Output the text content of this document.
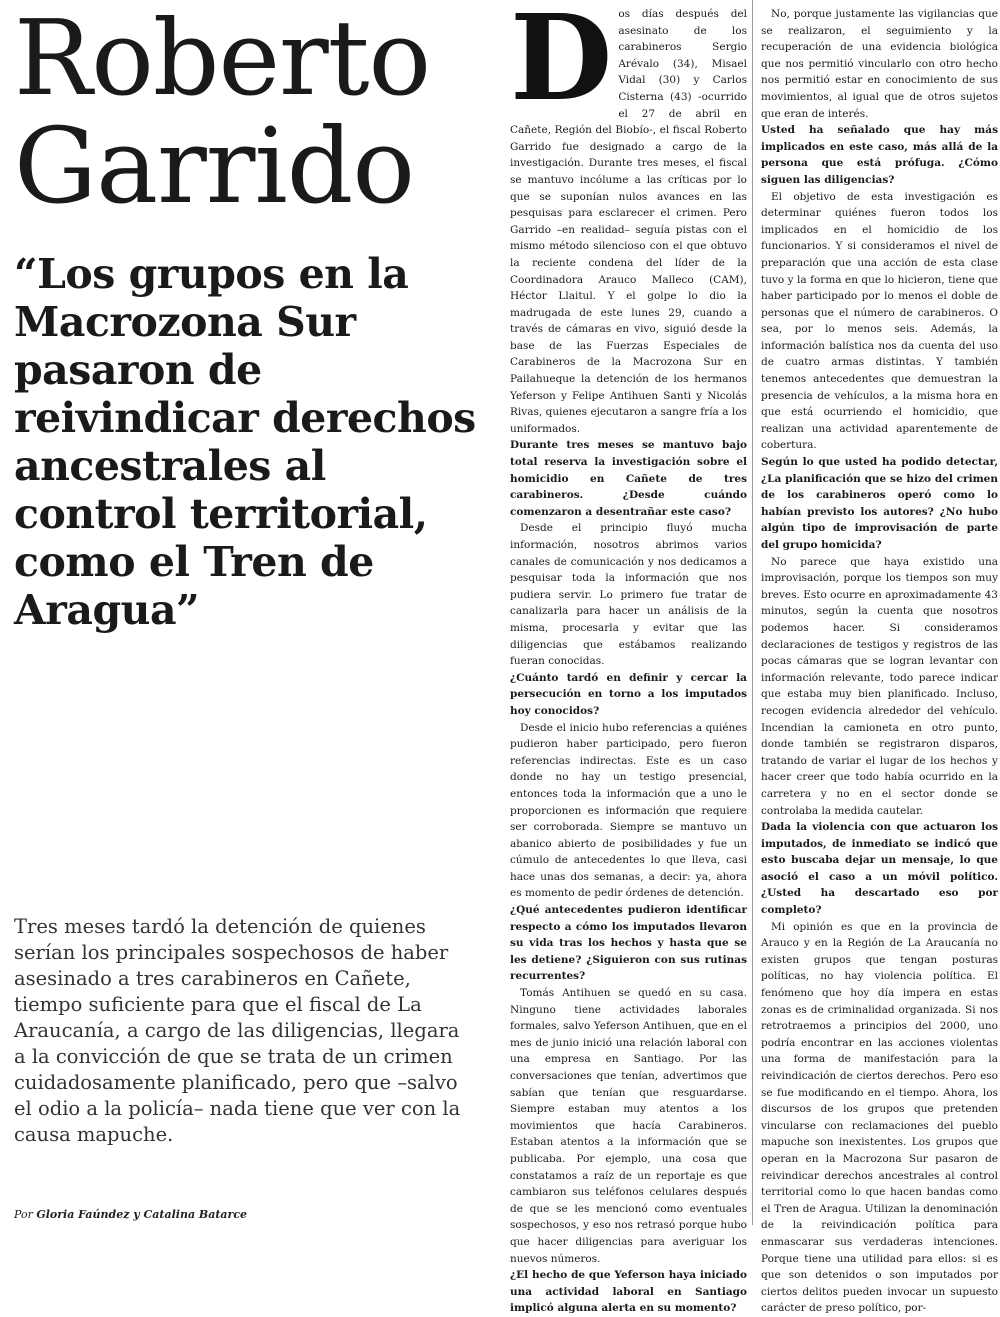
Roberto
Garrido
“Los grupos en la Macrozona Sur pasaron de reivindicar derechos ancestrales al control territorial, como el Tren de Aragua”

Tres meses tardó la detención de quienes serían los principales sospechosos de haber asesinado a tres carabineros en Cañete, tiempo suficiente para que el fiscal de La Araucanía, a cargo de las diligencias, llegara a la convicción de que se trata de un crimen cuidadosamente planificado, pero que –salvo el odio a la policía– nada tiene que ver con la causa mapuche.

Por Gloria Faúndez y Catalina Batarce
D os días después del asesinato de los carabineros Sergio Arévalo (34), Misael Vidal (30) y Carlos Cisterna (43) -ocurrido el 27 de abril en Cañete, Región del Biobío-, el fiscal Roberto Garrido fue designado a cargo de la investigación. Durante tres meses, el fiscal se mantuvo incólume a las críticas por lo que se suponían nulos avances en las pesquisas para esclarecer el crimen. Pero Garrido –en realidad– seguía pistas con el mismo método silencioso con el que obtuvo la reciente condena del líder de la Coordinadora Arauco Malleco (CAM), Héctor Llaitul. Y el golpe lo dio la madrugada de este lunes 29, cuando a través de cámaras en vivo, siguió desde la base de las Fuerzas Especiales de Carabineros de la Macrozona Sur en Pailahueque la detención de los hermanos Yeferson y Felipe Antihuen Santi y Nicolás Rivas, quienes ejecutaron a sangre fría a los uniformados.

Durante tres meses se mantuvo bajo total reserva la investigación sobre el homicidio en Cañete de tres carabineros. ¿Desde cuándo comenzaron a desentrañar este caso?

Desde el principio fluyó mucha información, nosotros abrimos varios canales de comunicación y nos dedicamos a pesquisar toda la información que nos pudiera servir. Lo primero fue tratar de canalizarla para hacer un análisis de la misma, procesarla y evitar que las diligencias que estábamos realizando fueran conocidas.

¿Cuánto tardó en definir y cercar la persecución en torno a los imputados hoy conocidos?

Desde el inicio hubo referencias a quiénes pudieron haber participado, pero fueron referencias indirectas. Este es un caso donde no hay un testigo presencial, entonces toda la información que a uno le proporcionen es información que requiere ser corroborada. Siempre se mantuvo un abanico abierto de posibilidades y fue un cúmulo de antecedentes lo que lleva, casi hace unas dos semanas, a decir: ya, ahora es momento de pedir órdenes de detención.

¿Qué antecedentes pudieron identificar respecto a cómo los imputados llevaron su vida tras los hechos y hasta que se les detiene? ¿Siguieron con sus rutinas recurrentes?

Tomás Antihuen se quedó en su casa. Ninguno tiene actividades laborales formales, salvo Yeferson Antihuen, que en el mes de junio inició una relación laboral con una empresa en Santiago. Por las conversaciones que tenían, advertimos que sabían que tenían que resguardarse. Siempre estaban muy atentos a los movimientos que hacía Carabineros. Estaban atentos a la información que se publicaba. Por ejemplo, una cosa que constatamos a raíz de un reportaje es que cambiaron sus teléfonos celulares después de que se les mencionó como eventuales sospechosos, y eso nos retrasó porque hubo que hacer diligencias para averiguar los nuevos números.

¿El hecho de que Yeferson haya iniciado una actividad laboral en Santiago implicó alguna alerta en su momento?

No, porque justamente las vigilancias que se realizaron, el seguimiento y la recuperación de una evidencia biológica que nos permitió vincularlo con otro hecho nos permitió estar en conocimiento de sus movimientos, al igual que de otros sujetos que eran de interés.

Usted ha señalado que hay más implicados en este caso, más allá de la persona que está prófuga. ¿Cómo siguen las diligencias?

El objetivo de esta investigación es determinar quiénes fueron todos los implicados en el homicidio de los funcionarios. Y si consideramos el nivel de preparación que una acción de esta clase tuvo y la forma en que lo hicieron, tiene que haber participado por lo menos el doble de personas que el número de carabineros. O sea, por lo menos seis. Además, la información balística nos da cuenta del uso de cuatro armas distintas. Y también tenemos antecedentes que demuestran la presencia de vehículos, a la misma hora en que está ocurriendo el homicidio, que realizan una actividad aparentemente de cobertura.

Según lo que usted ha podido detectar, ¿La planificación que se hizo del crimen de los carabineros operó como lo habían previsto los autores? ¿No hubo algún tipo de improvisación de parte del grupo homicida?

No parece que haya existido una improvisación, porque los tiempos son muy breves. Esto ocurre en aproximadamente 43 minutos, según la cuenta que nosotros podemos hacer. Si consideramos declaraciones de testigos y registros de las pocas cámaras que se logran levantar con información relevante, todo parece indicar que estaba muy bien planificado. Incluso, recogen evidencia alrededor del vehículo. Incendian la camioneta en otro punto, donde también se registraron disparos, tratando de variar el lugar de los hechos y hacer creer que todo había ocurrido en la carretera y no en el sector donde se controlaba la medida cautelar.

Dada la violencia con que actuaron los imputados, de inmediato se indicó que esto buscaba dejar un mensaje, lo que asoció el caso a un móvil político. ¿Usted ha descartado eso por completo?

Mi opinión es que en la provincia de Arauco y en la Región de La Araucanía no existen grupos que tengan posturas políticas, no hay violencia política. El fenómeno que hoy día impera en estas zonas es de criminalidad organizada. Si nos retrotraemos a principios del 2000, uno podría encontrar en las acciones violentas una forma de manifestación para la reivindicación de ciertos derechos. Pero eso se fue modificando en el tiempo. Ahora, los discursos de los grupos que pretenden vincularse con reclamaciones del pueblo mapuche son inexistentes. Los grupos que operan en la Macrozona Sur pasaron de reivindicar derechos ancestrales al control territorial como lo que hacen bandas como el Tren de Aragua. Utilizan la denominación de la reivindicación política para enmascarar sus verdaderas intenciones. Porque tiene una utilidad para ellos: si es que son detenidos o son imputados por ciertos delitos pueden invocar un supuesto carácter de preso político, por-
